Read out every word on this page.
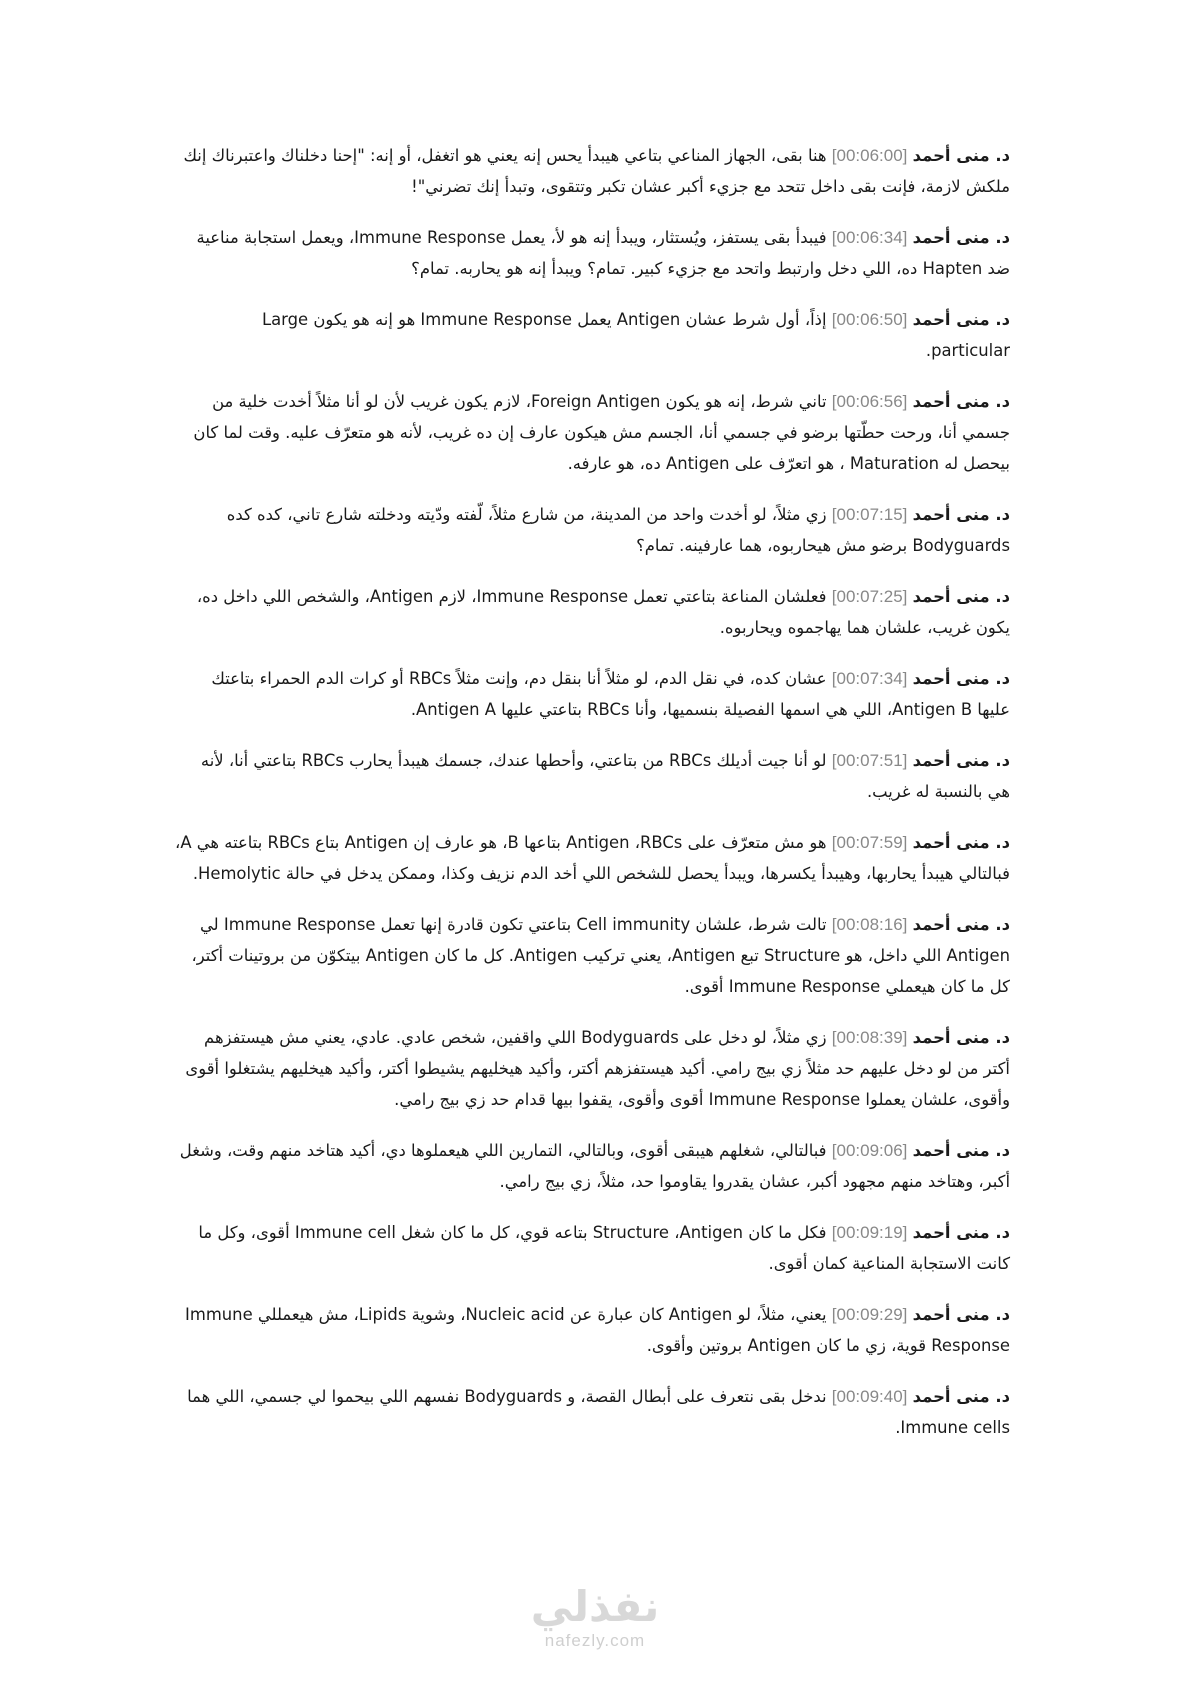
د. منى أحمد [00:06:00] هنا بقى، الجهاز المناعي بتاعي هيبدأ يحس إنه يعني هو اتغفل، أو إنه: "إحنا دخلناك واعتبرناك إنك ملكش لازمة، فإنت بقى داخل تتحد مع جزيء أكبر عشان تكبر وتتقوى، وتبدأ إنك تضرني"!

د. منى أحمد [00:06:34] فيبدأ بقى يستفز، ويُستثار، ويبدأ إنه هو لأ، يعمل Immune Response، ويعمل استجابة مناعية ضد Hapten ده، اللي دخل وارتبط واتحد مع جزيء كبير. تمام؟ ويبدأ إنه هو يحاربه. تمام؟

د. منى أحمد [00:06:50] إذاً، أول شرط عشان Antigen يعمل Immune Response هو إنه هو يكون Large particular.

د. منى أحمد [00:06:56] تاني شرط، إنه هو يكون Foreign Antigen، لازم يكون غريب لأن لو أنا مثلاً أخدت خلية من جسمي أنا، ورحت حطّتها برضو في جسمي أنا، الجسم مش هيكون عارف إن ده غريب، لأنه هو متعرّف عليه. وقت لما كان بيحصل له Maturation ، هو اتعرّف على Antigen ده، هو عارفه.

د. منى أحمد [00:07:15] زي مثلاً، لو أخدت واحد من المدينة، من شارع مثلاً، لّفته ودّيته ودخلته شارع تاني، كده كده Bodyguards برضو مش هيحاربوه، هما عارفينه. تمام؟

د. منى أحمد [00:07:25] فعلشان المناعة بتاعتي تعمل Immune Response، لازم Antigen، والشخص اللي داخل ده، يكون غريب، علشان هما يهاجموه ويحاربوه.

د. منى أحمد [00:07:34] عشان كده، في نقل الدم، لو مثلاً أنا بنقل دم، وإنت مثلاً RBCs أو كرات الدم الحمراء بتاعتك عليها Antigen B، اللي هي اسمها الفصيلة بنسميها، وأنا RBCs بتاعتي عليها Antigen A.

د. منى أحمد [00:07:51] لو أنا جيت أديلك RBCs من بتاعتي، وأحطها عندك، جسمك هيبدأ يحارب RBCs بتاعتي أنا، لأنه هي بالنسبة له غريب.

د. منى أحمد [00:07:59] هو مش متعرّف على Antigen ،RBCs بتاعها B، هو عارف إن Antigen بتاع RBCs بتاعته هي A، فبالتالي هيبدأ يحاربها، وهيبدأ يكسرها، ويبدأ يحصل للشخص اللي أخد الدم نزيف وكذا، وممكن يدخل في حالة Hemolytic.

د. منى أحمد [00:08:16] تالت شرط، علشان Cell immunity بتاعتي تكون قادرة إنها تعمل Immune Response لي Antigen اللي داخل، هو Structure تبع Antigen، يعني تركيب Antigen. كل ما كان Antigen بيتكوّن من بروتينات أكتر، كل ما كان هيعملي Immune Response أقوى.

د. منى أحمد [00:08:39] زي مثلاً، لو دخل على Bodyguards اللي واقفين، شخص عادي. عادي، يعني مش هيستفزهم أكتر من لو دخل عليهم حد مثلاً زي بيج رامي. أكيد هيستفزهم أكتر، وأكيد هيخليهم يشيطوا أكتر، وأكيد هيخليهم يشتغلوا أقوى وأقوى، علشان يعملوا Immune Response أقوى وأقوى، يقفوا بيها قدام حد زي بيج رامي.

د. منى أحمد [00:09:06] فبالتالي، شغلهم هيبقى أقوى، وبالتالي، التمارين اللي هيعملوها دي، أكيد هتاخد منهم وقت، وشغل أكبر، وهتاخد منهم مجهود أكبر، عشان يقدروا يقاوموا حد، مثلاً، زي بيج رامي.

د. منى أحمد [00:09:19] فكل ما كان Structure ،Antigen بتاعه قوي، كل ما كان شغل Immune cell أقوى، وكل ما كانت الاستجابة المناعية كمان أقوى.

د. منى أحمد [00:09:29] يعني، مثلاً، لو Antigen كان عبارة عن Nucleic acid، وشوية Lipids، مش هيعمللي Immune Response قوية، زي ما كان Antigen بروتين وأقوى.

د. منى أحمد [00:09:40] ندخل بقى نتعرف على أبطال القصة، و Bodyguards نفسهم اللي بيحموا لي جسمي، اللي هما Immune cells.

نفذلي
nafezly.com
